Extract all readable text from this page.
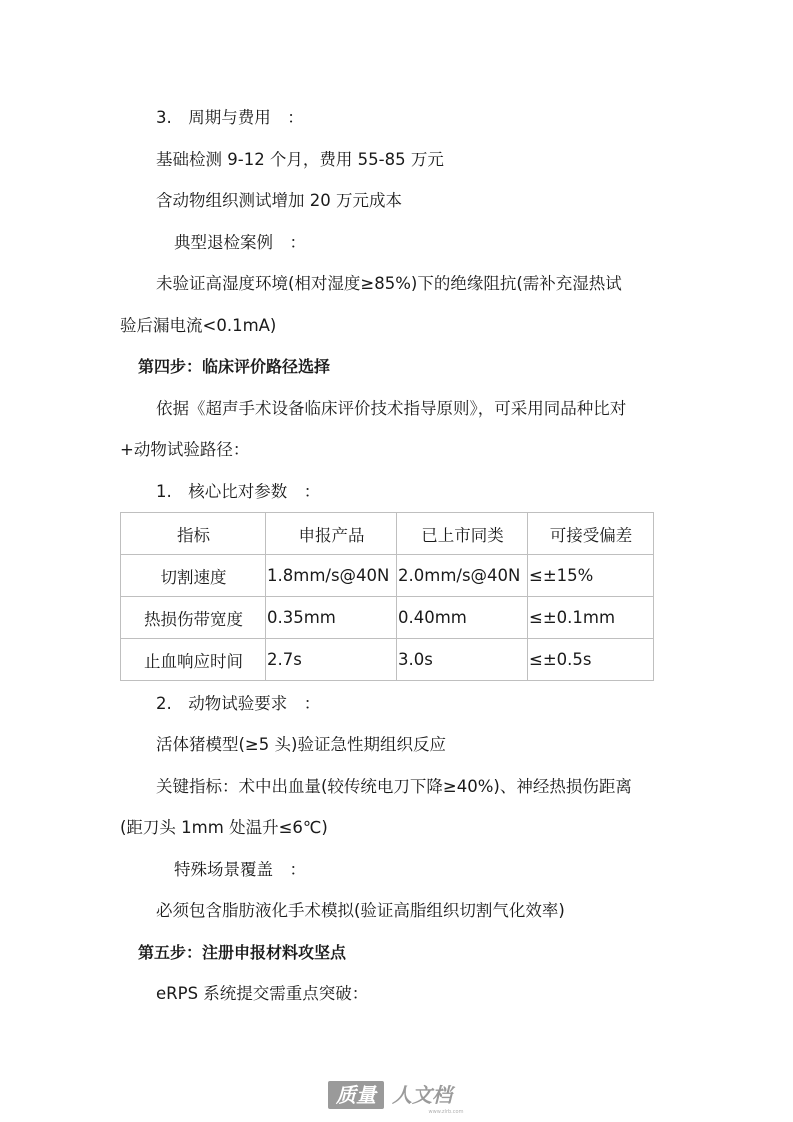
3.　周期与费用　：
基础检测 9-12 个月，费用 55-85 万元
含动物组织测试增加 20 万元成本
典型退检案例　：
未验证高湿度环境(相对湿度≥85%)下的绝缘阻抗(需补充湿热试
验后漏电流<0.1mA)
第四步：临床评价路径选择
依据《超声手术设备临床评价技术指导原则》，可采用同品种比对
+动物试验路径：
1.　核心比对参数　：
指标	申报产品	已上市同类	可接受偏差
切割速度	1.8mm/s@40N	2.0mm/s@40N	≤±15%
热损伤带宽度	0.35mm	0.40mm	≤±0.1mm
止血响应时间	2.7s	3.0s	≤±0.5s
2.　动物试验要求　：
活体猪模型(≥5 头)验证急性期组织反应
关键指标：术中出血量(较传统电刀下降≥40%)、神经热损伤距离
(距刀头 1mm 处温升≤6℃)
特殊场景覆盖　：
必须包含脂肪液化手术模拟(验证高脂组织切割气化效率)
第五步：注册申报材料攻坚点
eRPS 系统提交需重点突破：
质量 人文档
www.zlrb.com
